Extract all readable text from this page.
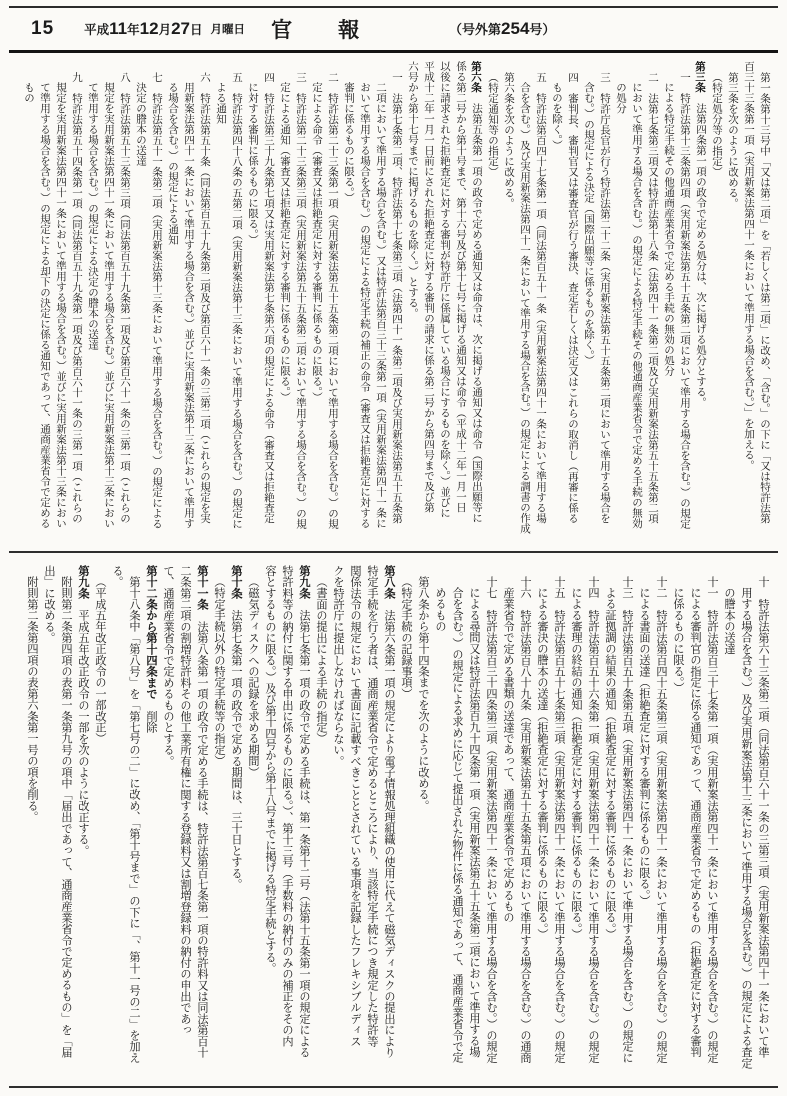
15 平成11年12月27日 月曜日 官報	（号外第254号）
第一条第十三号中「又は第二項」を「若しくは第二項」に改め、「含む。」の下に「又は特許法第
百三十三条第一項（実用新案法第四十一条において準用する場合を含む。）」を加える。
第三条を次のように改める。
（特定処分等の指定）
第三条　法第四条第一項の政令で定める処分は、次に掲げる処分とする。
一　特許法第十三条第四項（実用新案法第五十五条第二項において準用する場合を含む。）の規定
による特定手続その他通商産業省令で定める手続の無効の処分
二　法第七条第三項又は特許法第十八条（法第四十一条第二項及び実用新案法第五十五条第二項
において準用する場合を含む。）の規定による特定手続その他通商産業省令で定める手続の無効
の処分
三　特許庁長官が行う特許法第二十二条（実用新案法第五十五条第二項において準用する場合を
含む。）の規定による決定（国際出願等に係るものを除く。）
四　審判長、審判官又は審査官が行う審決、査定若しくは決定又はこれらの取消し（再審に係る
ものを除く。）
五　特許法第百四十七条第一項（同法第百五十一条（実用新案法第四十一条において準用する場
合を含む。）及び実用新案法第四十一条において準用する場合を含む。）の規定による調書の作成
第六条を次のように改める。
（特定通知等の指定）
第六条　法第五条第一項の政令で定める通知又は命令は、次に掲げる通知又は命令（国際出願等に
係る第二号から第十号まで、第十六号及び第十七号に掲げる通知又は命令（平成十二年一月一日
以後に請求された拒絶査定に対する審判が特許庁に係属している場合にするものを除く。）並びに
平成十二年一月一日前にされた拒絶査定に対する審判の請求に係る第二号から第四号まで及び第
六号から第十七号までに掲げるものを除く。）とする。
一　法第七条第二項、特許法第十七条第三項（法第四十一条第二項及び実用新案法第五十五条第
二項において準用する場合を含む。）又は特許法第百三十三条第一項（実用新案法第四十一条に
おいて準用する場合を含む。）の規定による特定手続の補正の命令（審査又は拒絶査定に対する
審判に係るものに限る。）
二　特許法第二十三条第一項（実用新案法第五十五条第二項において準用する場合を含む。）の規
定による命令（審査又は拒絶査定に対する審判に係るものに限る。）
三　特許法第二十三条第三項（実用新案法第五十五条第二項において準用する場合を含む。）の規
定による通知（審査又は拒絶査定に対する審判に係るものに限る。）
四　特許法第三十九条第七項又は実用新案法第七条第六項の規定による命令（審査又は拒絶査定
に対する審判に係るものに限る。）
五　特許法第四十八条の五第二項（実用新案法第十三条において準用する場合を含む。）の規定に
よる通知
六　特許法第五十条（同法第百五十九条第二項及び第百六十一条の三第二項（これらの規定を実
用新案法第四十一条において準用する場合を含む。）並びに実用新案法第十三条において準用す
る場合を含む。）の規定による通知
七　特許法第五十一条第二項（実用新案法第十三条において準用する場合を含む。）の規定による
決定の謄本の送達
八　特許法第五十三条第三項（同法第百五十九条第一項及び第百六十一条の三第一項（これらの
規定を実用新案法第四十一条において準用する場合を含む。）並びに実用新案法第十三条におい
て準用する場合を含む。）の規定による決定の謄本の送達
九　特許法第五十四条第一項（同法第百五十九条第一項及び第百六十一条の三第一項（これらの
規定を実用新案法第四十一条において準用する場合を含む。）並びに実用新案法第十三条におい
て準用する場合を含む。）の規定による却下の決定に係る通知であって、通商産業省令で定める
もの
十　特許法第六十三条第二項（同法第百六十一条の三第三項（実用新案法第四十一条において準
用する場合を含む。）及び実用新案法第十三条において準用する場合を含む。）の規定による査定
の謄本の送達
十一　特許法第百三十七条第一項（実用新案法第四十一条において準用する場合を含む。）の規定
による審判官の指定に係る通知であって、通商産業省令で定めるもの（拒絶査定に対する審判
に係るものに限る。）
十二　特許法第百四十五条第三項（実用新案法第四十一条において準用する場合を含む。）の規定
による書面の送達（拒絶査定に対する審判に係るものに限る。）
十三　特許法第百五十条第五項（実用新案法第四十一条において準用する場合を含む。）の規定に
よる証拠調の結果の通知（拒絶査定に対する審判に係るものに限る。）
十四　特許法第百五十六条第一項（実用新案法第四十一条において準用する場合を含む。）の規定
による審理の終結の通知（拒絶査定に対する審判に係るものに限る。）
十五　特許法第百五十七条第三項（実用新案法第四十一条において準用する場合を含む。）の規定
による審決の謄本の送達（拒絶査定に対する審判に係るものに限る。）
十六　特許法第百八十九条（実用新案法第五十五条第五項において準用する場合を含む。）の通商
産業省令で定める書類の送達であって、通商産業省令で定めるもの
十七　特許法第百三十四条第三項（実用新案法第四十一条において準用する場合を含む。）の規定
による尋問又は特許法第百九十四条第一項（実用新案法第五十五条第二項において準用する場
合を含む。）の規定による求めに応じて提出された物件に係る通知であって、通商産業省令で定
めるもの
第八条から第十四条までを次のように改める。
（特定手続の記録事項）
第八条　法第六条第一項の規定により電子情報処理組織の使用に代えて磁気ディスクの提出により
特定手続を行う者は、通商産業省令で定めるところにより、当該特定手続につき規定した特許等
関係法令の規定において書面に記載すべきこととされている事項を記録したフレキシブルディス
クを特許庁に提出しなければならない。
（書面の提出による手続の指定）
第九条　法第七条第一項の政令で定める手続は、第一条第十二号（法第十五条第一項の規定による
特許料等の納付に関する申出に係るものに限る。）、第十三号（手数料の納付のみの補正をその内
容とするものに限る。）及び第十四号から第十八号までに掲げる特定手続とする。
（磁気ディスクへの記録を求める期間）
第十条　法第七条第一項の政令で定める期間は、三十日とする。
（特定手続以外の特定手続等の指定）
第十一条　法第八条第一項の政令で定める手続は、特許法第百七条第一項の特許料又は同法第百十
二条第二項の割増特許料その他工業所有権に関する登録料又は割増登録料の納付の申出であっ
て、通商産業省令で定めるものとする。
第十二条から第十四条まで　削除
第十八条中「第八号」を「第七号の二」に改め、「第十号まで」の下に「、第十一号の二」を加え
る。
（平成五年改正政令の一部改正）
第九条　平成五年改正政令の一部を次のように改正する。
附則第二条第四項の表第一条第九号の項中「届出であって、通商産業省令で定めるもの」を「届
出」に改める。
附則第二条第四項の表第六条第一号の項を削る。
